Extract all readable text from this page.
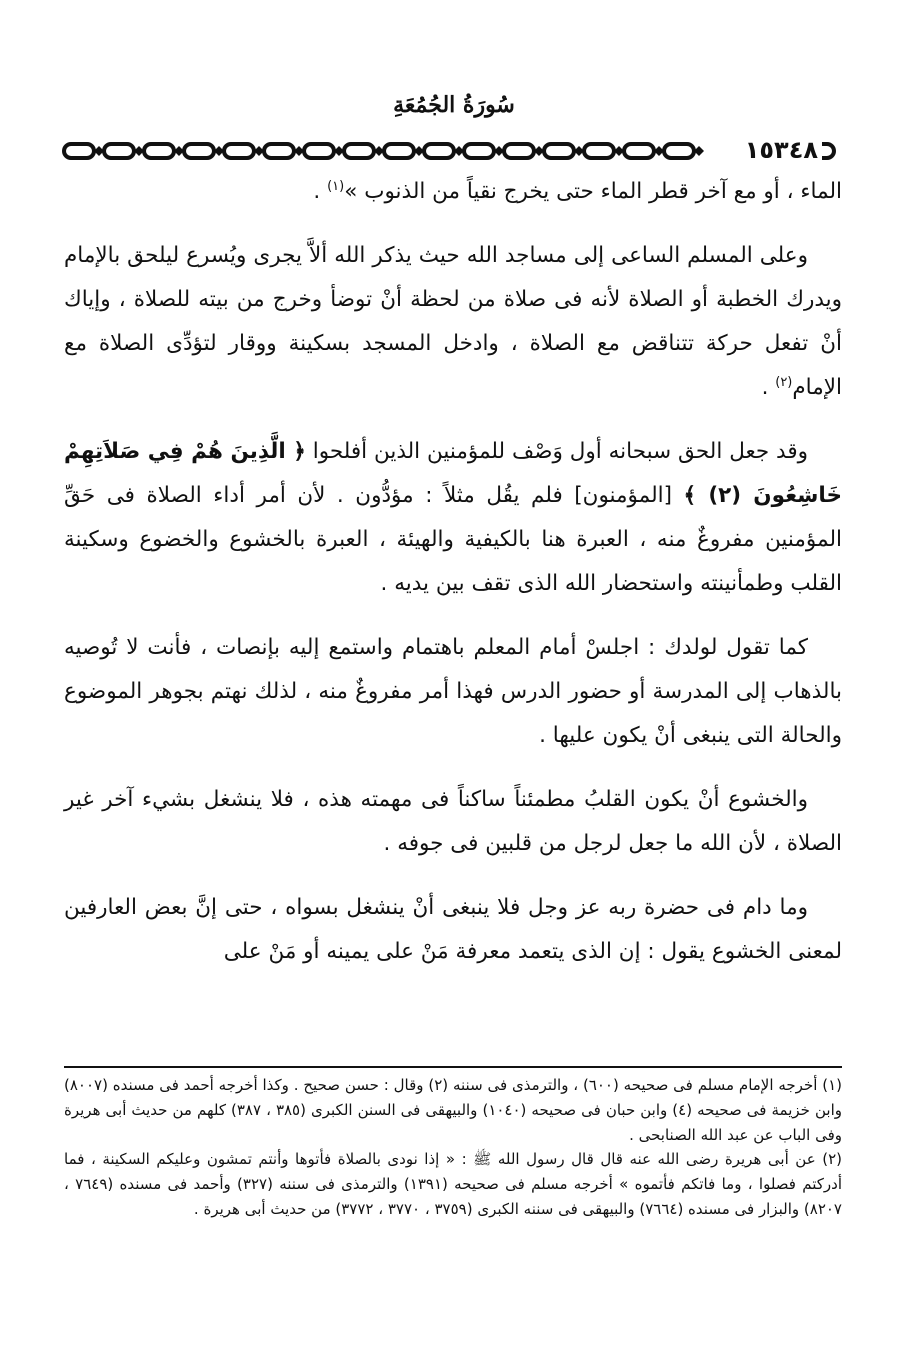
سُورَةُ الجُمُعَةِ
١٥٣٤٨

الماء ، أو مع آخر قطر الماء حتى يخرج نقياً من الذنوب »$^{(١)}$ .

وعلى المسلم الساعى إلى مساجد الله حيث يذكر الله ألاَّ يجرى ويُسرع ليلحق بالإمام ويدرك الخطبة أو الصلاة لأنه فى صلاة من لحظة أنْ توضأ وخرج من بيته للصلاة ، وإياك أنْ تفعل حركة تتناقض مع الصلاة ، وادخل المسجد بسكينة ووقار لتؤدِّى الصلاة مع الإمام$^{(٢)}$ .

وقد جعل الحق سبحانه أول وَصْف للمؤمنين الذين أفلحوا ﴿ الَّذِينَ هُمْ فِي صَلاَتِهِمْ خَاشِعُونَ (٢) ﴾ [المؤمنون] فلم يقُل مثلاً : مؤدُّون . لأن أمر أداء الصلاة فى حَقِّ المؤمنين مفروغٌ منه ، العبرة هنا بالكيفية والهيئة ، العبرة بالخشوع والخضوع وسكينة القلب وطمأنينته واستحضار الله الذى تقف بين يديه .

كما تقول لولدك : اجلسْ أمام المعلم باهتمام واستمع إليه بإنصات ، فأنت لا تُوصيه بالذهاب إلى المدرسة أو حضور الدرس فهذا أمر مفروغٌ منه ، لذلك نهتم بجوهر الموضوع والحالة التى ينبغى أنْ يكون عليها .

والخشوع أنْ يكون القلبُ مطمئناً ساكناً فى مهمته هذه ، فلا ينشغل بشيء آخر غير الصلاة ، لأن الله ما جعل لرجل من قلبين فى جوفه .

وما دام فى حضرة ربه عز وجل فلا ينبغى أنْ ينشغل بسواه ، حتى إنَّ بعض العارفين لمعنى الخشوع يقول : إن الذى يتعمد معرفة مَنْ على يمينه أو مَنْ على

(١) أخرجه الإمام مسلم فى صحيحه (٦٠٠) ، والترمذى فى سننه (٢) وقال : حسن صحيح . وكذا أخرجه أحمد فى مسنده (٨٠٠٧) وابن خزيمة فى صحيحه (٤) وابن حبان فى صحيحه (١٠٤٠) والبيهقى فى السنن الكبرى (٣٨٥ ، ٣٨٧) كلهم من حديث أبى هريرة وفى الباب عن عبد الله الصنابحى .

(٢) عن أبى هريرة رضى الله عنه قال قال رسول الله ﷺ : « إذا نودى بالصلاة فأتوها وأنتم تمشون وعليكم السكينة ، فما أدركتم فصلوا ، وما فاتكم فأتموه » أخرجه مسلم فى صحيحه (١٣٩١) والترمذى فى سننه (٣٢٧) وأحمد فى مسنده (٧٦٤٩ ، ٨٢٠٧) والبزار فى مسنده (٧٦٦٤) والبيهقى فى سننه الكبرى (٣٧٥٩ ، ٣٧٧٠ ، ٣٧٧٢) من حديث أبى هريرة .
